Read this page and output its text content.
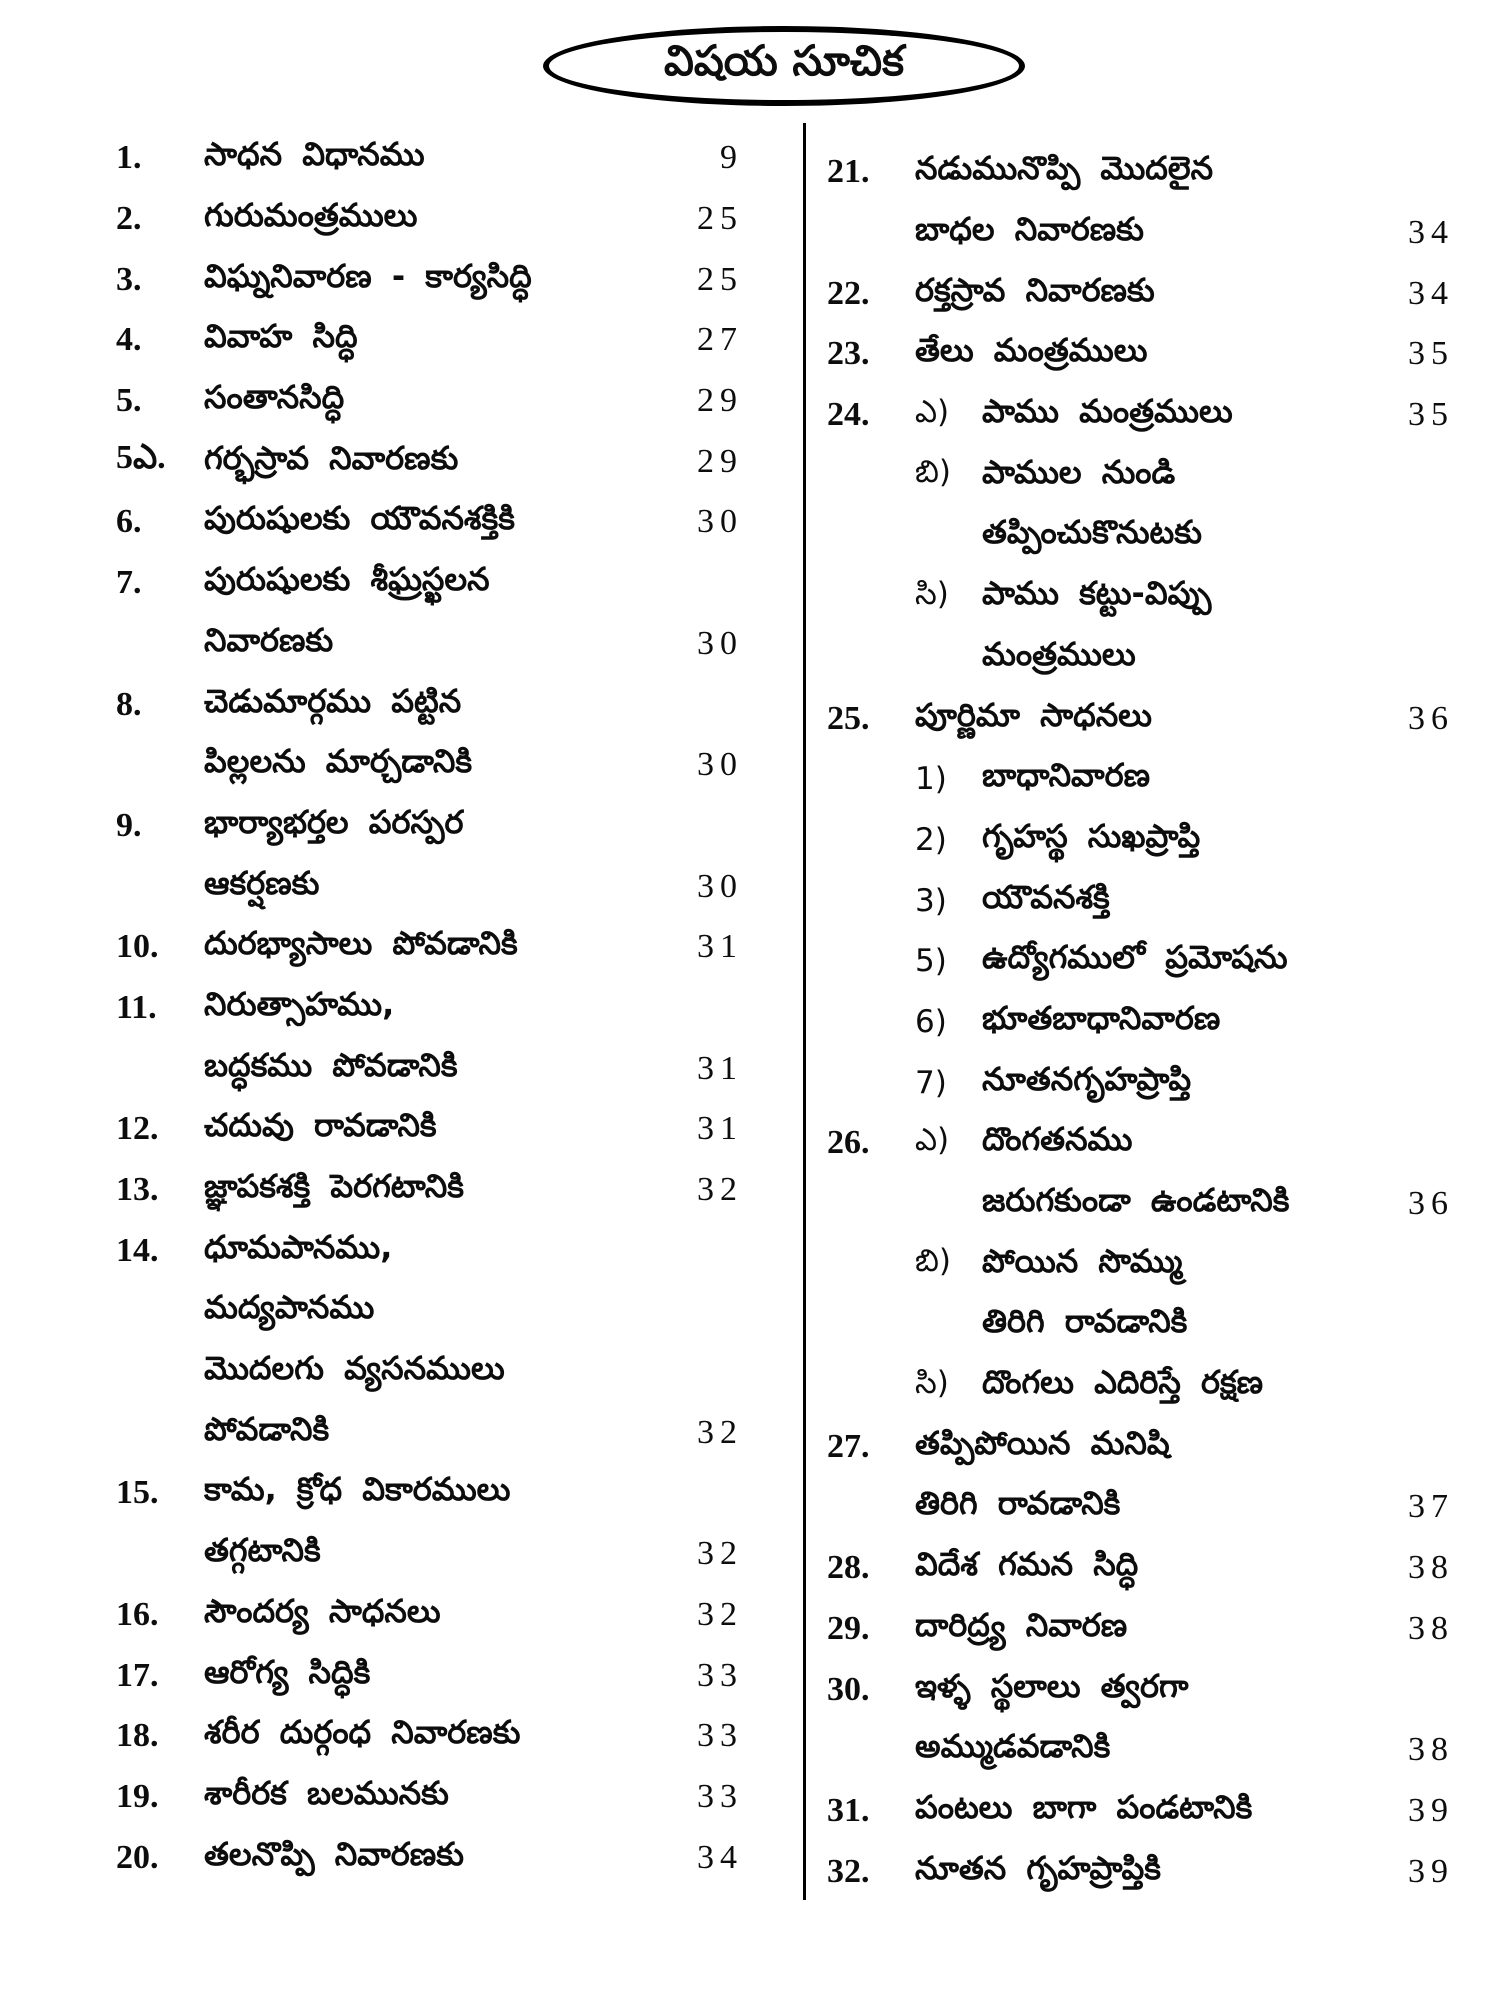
విషయ సూచిక
1.	సాధన విధానము	9
2.	గురుమంత్రములు	25
3.	విఘ్ననివారణ - కార్యసిద్ధి	25
4.	వివాహ సిద్ధి	27
5.	సంతానసిద్ధి	29
5ఎ.	గర్భస్రావ నివారణకు	29
6.	పురుషులకు యౌవనశక్తికి	30
7.	పురుషులకు శీఘ్రస్ఖలన
నివారణకు	30
8.	చెడుమార్గము పట్టిన
పిల్లలను మార్చడానికి	30
9.	భార్యాభర్తల పరస్పర
ఆకర్షణకు	30
10.	దురభ్యాసాలు పోవడానికి	31
11.	నిరుత్సాహము,
బద్ధకము పోవడానికి	31
12.	చదువు రావడానికి	31
13.	జ్ఞాపకశక్తి పెరగటానికి	32
14.	ధూమపానము,
మద్యపానము
మొదలగు వ్యసనములు
పోవడానికి	32
15.	కామ, క్రోధ వికారములు
తగ్గటానికి	32
16.	సౌందర్య సాధనలు	32
17.	ఆరోగ్య సిద్ధికి	33
18.	శరీర దుర్గంధ నివారణకు	33
19.	శారీరక బలమునకు	33
20.	తలనొప్పి నివారణకు	34
21.	నడుమునొప్పి మొదలైన
బాధల నివారణకు	34
22.	రక్తస్రావ నివారణకు	34
23.	తేలు మంత్రములు	35
24.	ఎ)	పాము మంత్రములు	35
బి) పాముల నుండి
తప్పించుకొనుటకు
సి)	పాము కట్టు-విప్పు
మంత్రములు
25.	పూర్ణిమా సాధనలు	36
1)	బాధానివారణ
2)	గృహస్థ సుఖప్రాప్తి
3)	యౌవనశక్తి
5)	ఉద్యోగములో ప్రమోషను
6)	భూతబాధానివారణ
7)	నూతనగృహప్రాప్తి
26.	ఎ)	దొంగతనము
జరుగకుండా ఉండటానికి	36
బి) పోయిన సొమ్ము
తిరిగి రావడానికి
సి)	దొంగలు ఎదిరిస్తే రక్షణ
27.	తప్పిపోయిన మనిషి
తిరిగి రావడానికి	37
28.	విదేశ గమన సిద్ధి	38
29.	దారిద్ర్య నివారణ	38
30.	ఇళ్ళ స్థలాలు త్వరగా
అమ్ముడవడానికి	38
31.	పంటలు బాగా పండటానికి	39
32.	నూతన గృహప్రాప్తికి	39
